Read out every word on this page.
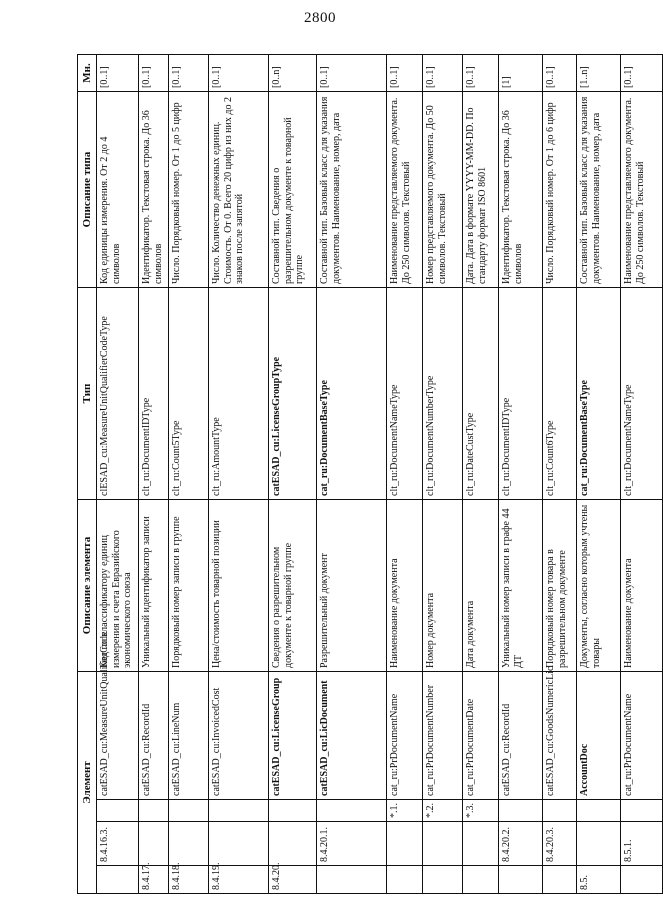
2800
Элемент				Описание элемента	Тип	Описание типа	Мн.
	8.4.16.3.		catESAD_cu:MeasureUnitQualifierCode	Код по классификатору единиц измерения и счета Евразийского экономического союза	clESAD_cu:MeasureUnitQualifierCodeType	Код единицы измерения. От 2 до 4 символов	[0..1]
8.4.17.			catESAD_cu:RecordId	Уникальный идентификатор записи	clt_ru:DocumentIDType	Идентификатор. Текстовая строка. До 36 символов	[0..1]
8.4.18.			catESAD_cu:LineNum	Порядковый номер записи в группе	clt_ru:Count5Type	Число. Порядковый номер. От 1 до 5 цифр	[0..1]
8.4.19.			catESAD_cu:InvoicedCost	Цена/стоимость товарной позиции	clt_ru:AmountType	Число. Количество денежных единиц. Стоимость. От 0. Всего 20 цифр из них до 2 знаков после запятой	[0..1]
8.4.20.			catESAD_cu:LicenseGroup	Сведения о разрешительном документе к товарной группе	catESAD_cu:LicenseGroupType	Составной тип. Сведения о разрешительном документе к товарной группе	[0..n]
	8.4.20.1.		catESAD_cu:LicDocument	Разрешительный документ	cat_ru:DocumentBaseType	Составной тип. Базовый класс для указания документов. Наименование, номер, дата	[0..1]
		*.1.	cat_ru:PrDocumentName	Наименование документа	clt_ru:DocumentNameType	Наименование представляемого документа. До 250 символов. Текстовый	[0..1]
		*.2.	cat_ru:PrDocumentNumber	Номер документа	clt_ru:DocumentNumberType	Номер представляемого документа. До 50 символов. Текстовый	[0..1]
		*.3.	cat_ru:PrDocumentDate	Дата документа	clt_ru:DateCustType	Дата. Дата в формате YYYY-MM-DD. По стандарту формат ISO 8601	[0..1]
	8.4.20.2.		catESAD_cu:RecordId	Уникальный номер записи в графе 44 ДТ	clt_ru:DocumentIDType	Идентификатор. Текстовая строка. До 36 символов	[1]
	8.4.20.3.		catESAD_cu:GoodsNumericLic	Порядковый номер товара в разрешительном документе	clt_ru:Count6Type	Число. Порядковый номер. От 1 до 6 цифр	[0..1]
8.5.			AccountDoc	Документы, согласно которым учтены товары	cat_ru:DocumentBaseType	Составной тип. Базовый класс для указания документов. Наименование, номер, дата	[1..n]
	8.5.1.		cat_ru:PrDocumentName	Наименование документа	clt_ru:DocumentNameType	Наименование представляемого документа. До 250 символов. Текстовый	[0..1]
